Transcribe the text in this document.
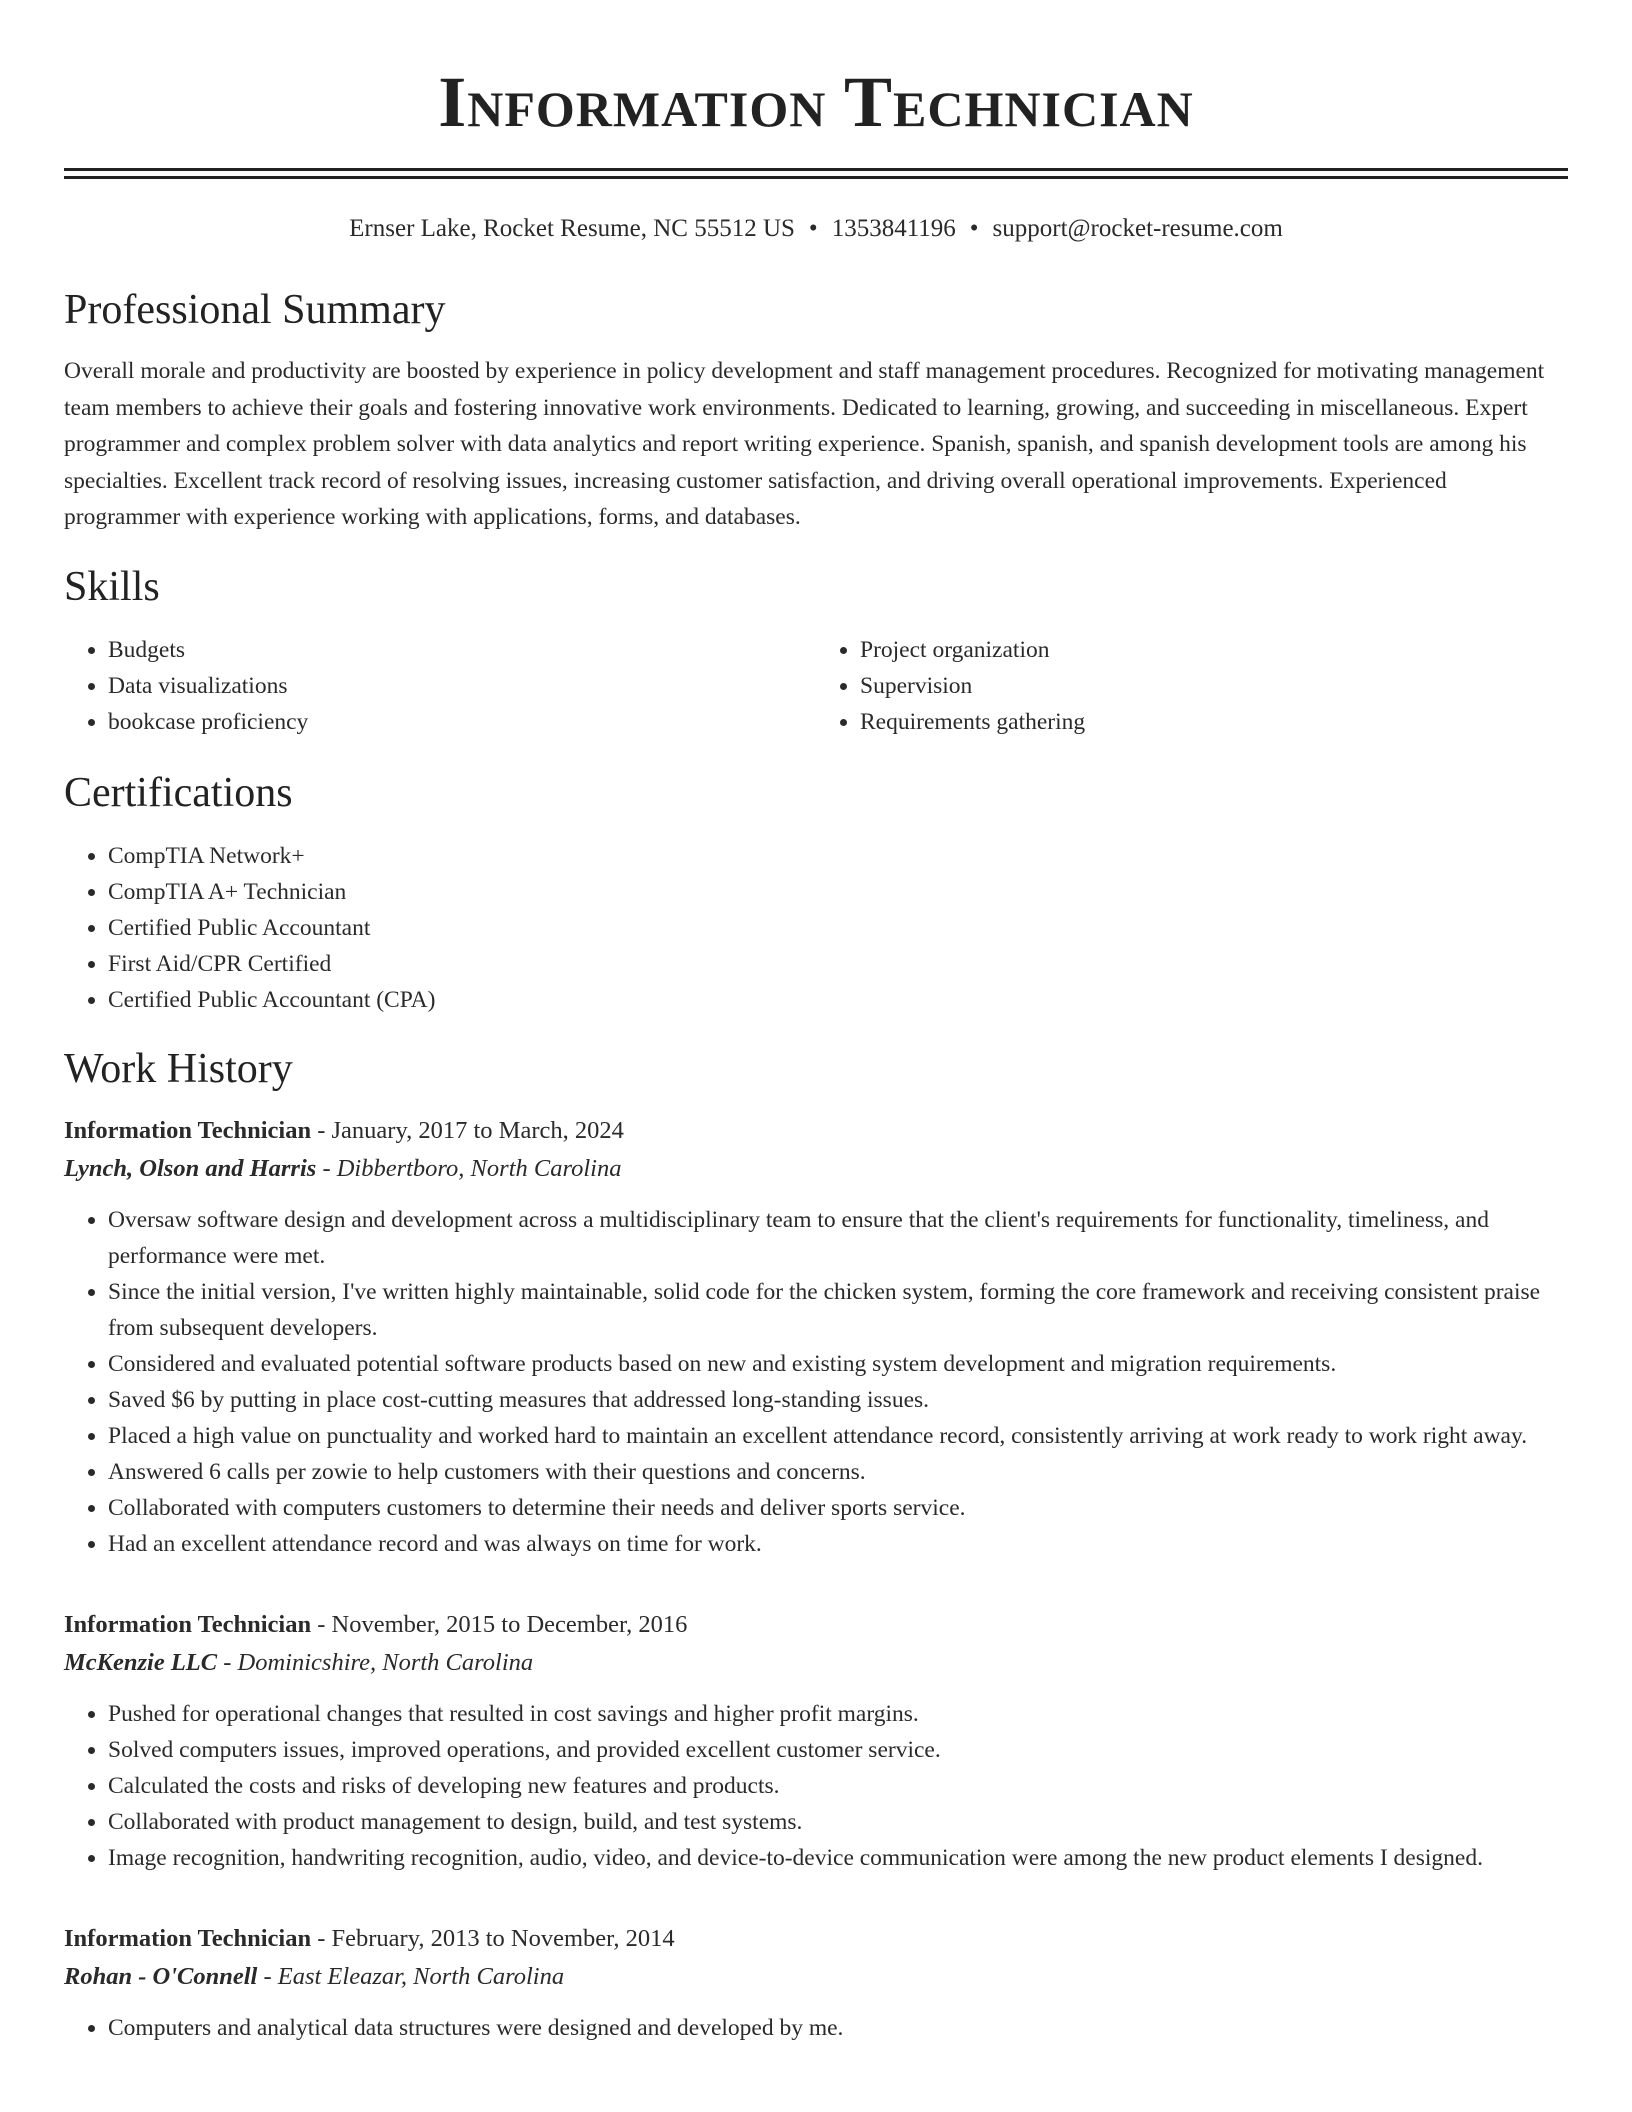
Information Technician
Ernser Lake, Rocket Resume, NC 55512 US • 1353841196 • support@rocket-resume.com
Professional Summary
Overall morale and productivity are boosted by experience in policy development and staff management procedures. Recognized for motivating management team members to achieve their goals and fostering innovative work environments. Dedicated to learning, growing, and succeeding in miscellaneous. Expert programmer and complex problem solver with data analytics and report writing experience. Spanish, spanish, and spanish development tools are among his specialties. Excellent track record of resolving issues, increasing customer satisfaction, and driving overall operational improvements. Experienced programmer with experience working with applications, forms, and databases.
Skills
• Budgets
• Data visualizations
• bookcase proficiency
• Project organization
• Supervision
• Requirements gathering
Certifications
• CompTIA Network+
• CompTIA A+ Technician
• Certified Public Accountant
• First Aid/CPR Certified
• Certified Public Accountant (CPA)
Work History
Information Technician - January, 2017 to March, 2024
Lynch, Olson and Harris - Dibbertboro, North Carolina
• Oversaw software design and development across a multidisciplinary team to ensure that the client's requirements for functionality, timeliness, and performance were met.
• Since the initial version, I've written highly maintainable, solid code for the chicken system, forming the core framework and receiving consistent praise from subsequent developers.
• Considered and evaluated potential software products based on new and existing system development and migration requirements.
• Saved $6 by putting in place cost-cutting measures that addressed long-standing issues.
• Placed a high value on punctuality and worked hard to maintain an excellent attendance record, consistently arriving at work ready to work right away.
• Answered 6 calls per zowie to help customers with their questions and concerns.
• Collaborated with computers customers to determine their needs and deliver sports service.
• Had an excellent attendance record and was always on time for work.
Information Technician - November, 2015 to December, 2016
McKenzie LLC - Dominicshire, North Carolina
• Pushed for operational changes that resulted in cost savings and higher profit margins.
• Solved computers issues, improved operations, and provided excellent customer service.
• Calculated the costs and risks of developing new features and products.
• Collaborated with product management to design, build, and test systems.
• Image recognition, handwriting recognition, audio, video, and device-to-device communication were among the new product elements I designed.
Information Technician - February, 2013 to November, 2014
Rohan - O'Connell - East Eleazar, North Carolina
• Computers and analytical data structures were designed and developed by me.
